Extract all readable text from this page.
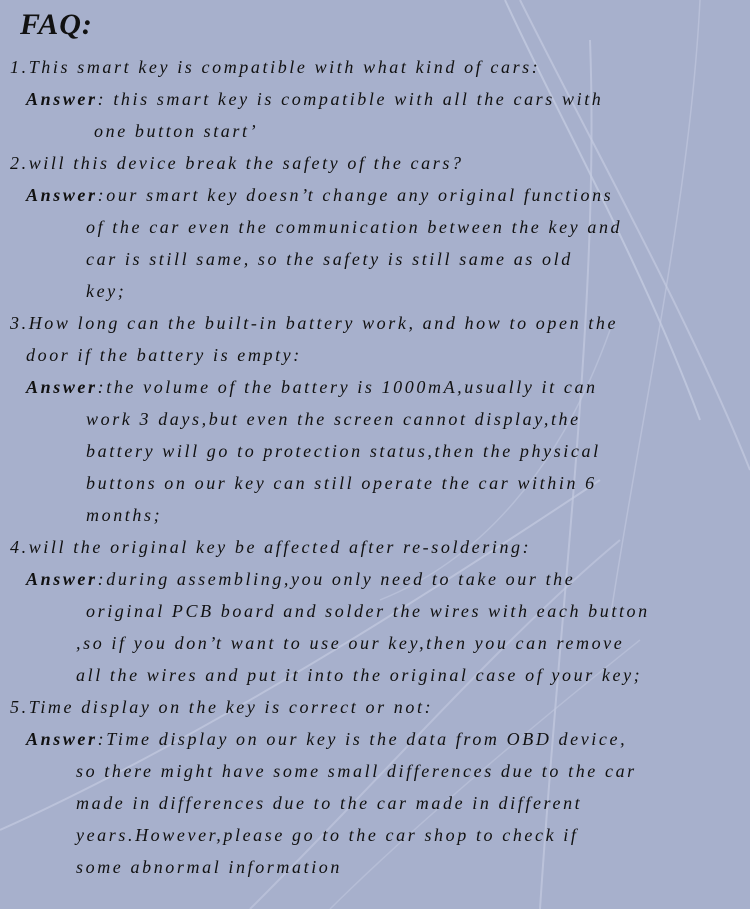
FAQ:
1.This smart key is compatible with what kind of cars:
Answer: this smart key is compatible with all the cars with
one button start’
2.will this device break the safety of the cars?
Answer:our smart key doesn’t change any original functions
of the car even the communication between the key and
car is still same, so the safety is still same as old
key;
3.How long can the built-in battery work, and how to open the
door if the battery is empty:
Answer:the volume of the battery is 1000mA,usually it can
work 3 days,but even the screen cannot display,the
battery will go to protection status,then the physical
buttons on our key can still operate the car within 6
months;
4.will the original key be affected after re-soldering:
Answer:during assembling,you only need to take our the
original PCB board and solder the wires with each button
,so if you don’t want to use our key,then you can remove
all the wires and put it into the original case of your key;
5.Time display on the key is correct or not:
Answer:Time display on our key is the data from OBD device,
so there might have some small differences due to the car
made in differences due to the car made in different
years.However,please go to the car shop to check if
some abnormal information
